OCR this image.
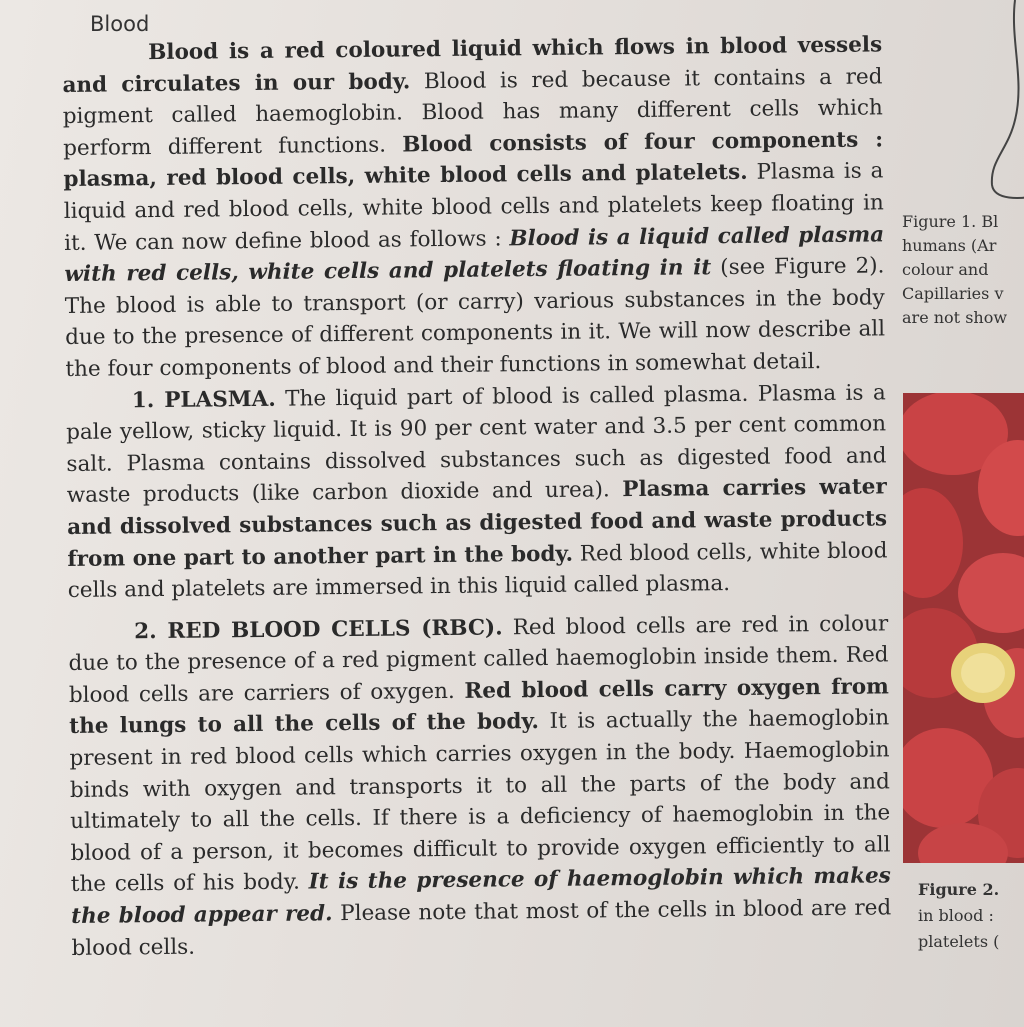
Blood

Blood is a red coloured liquid which flows in blood vessels and circulates in our body. Blood is red because it contains a red pigment called haemoglobin. Blood has many different cells which perform different functions. Blood consists of four components : plasma, red blood cells, white blood cells and platelets. Plasma is a liquid and red blood cells, white blood cells and platelets keep floating in it. We can now define blood as follows : Blood is a liquid called plasma with red cells, white cells and platelets floating in it (see Figure 2). The blood is able to transport (or carry) various substances in the body due to the presence of different components in it. We will now describe all the four components of blood and their functions in somewhat detail.

1. PLASMA. The liquid part of blood is called plasma. Plasma is a pale yellow, sticky liquid. It is 90 per cent water and 3.5 per cent common salt. Plasma contains dissolved substances such as digested food and waste products (like carbon dioxide and urea). Plasma carries water and dissolved substances such as digested food and waste products from one part to another part in the body. Red blood cells, white blood cells and platelets are immersed in this liquid called plasma.

2. RED BLOOD CELLS (RBC). Red blood cells are red in colour due to the presence of a red pigment called haemoglobin inside them. Red blood cells are carriers of oxygen. Red blood cells carry oxygen from the lungs to all the cells of the body. It is actually the haemoglobin present in red blood cells which carries oxygen in the body. Haemoglobin binds with oxygen and transports it to all the parts of the body and ultimately to all the cells. If there is a deficiency of haemoglobin in the blood of a person, it becomes difficult to provide oxygen efficiently to all the cells of his body. It is the presence of haemoglobin which makes the blood appear red. Please note that most of the cells in blood are red blood cells.

Figure 1. Bl
humans (Ar
colour and
Capillaries v
are not show
Figure 2.
in blood :
platelets (
